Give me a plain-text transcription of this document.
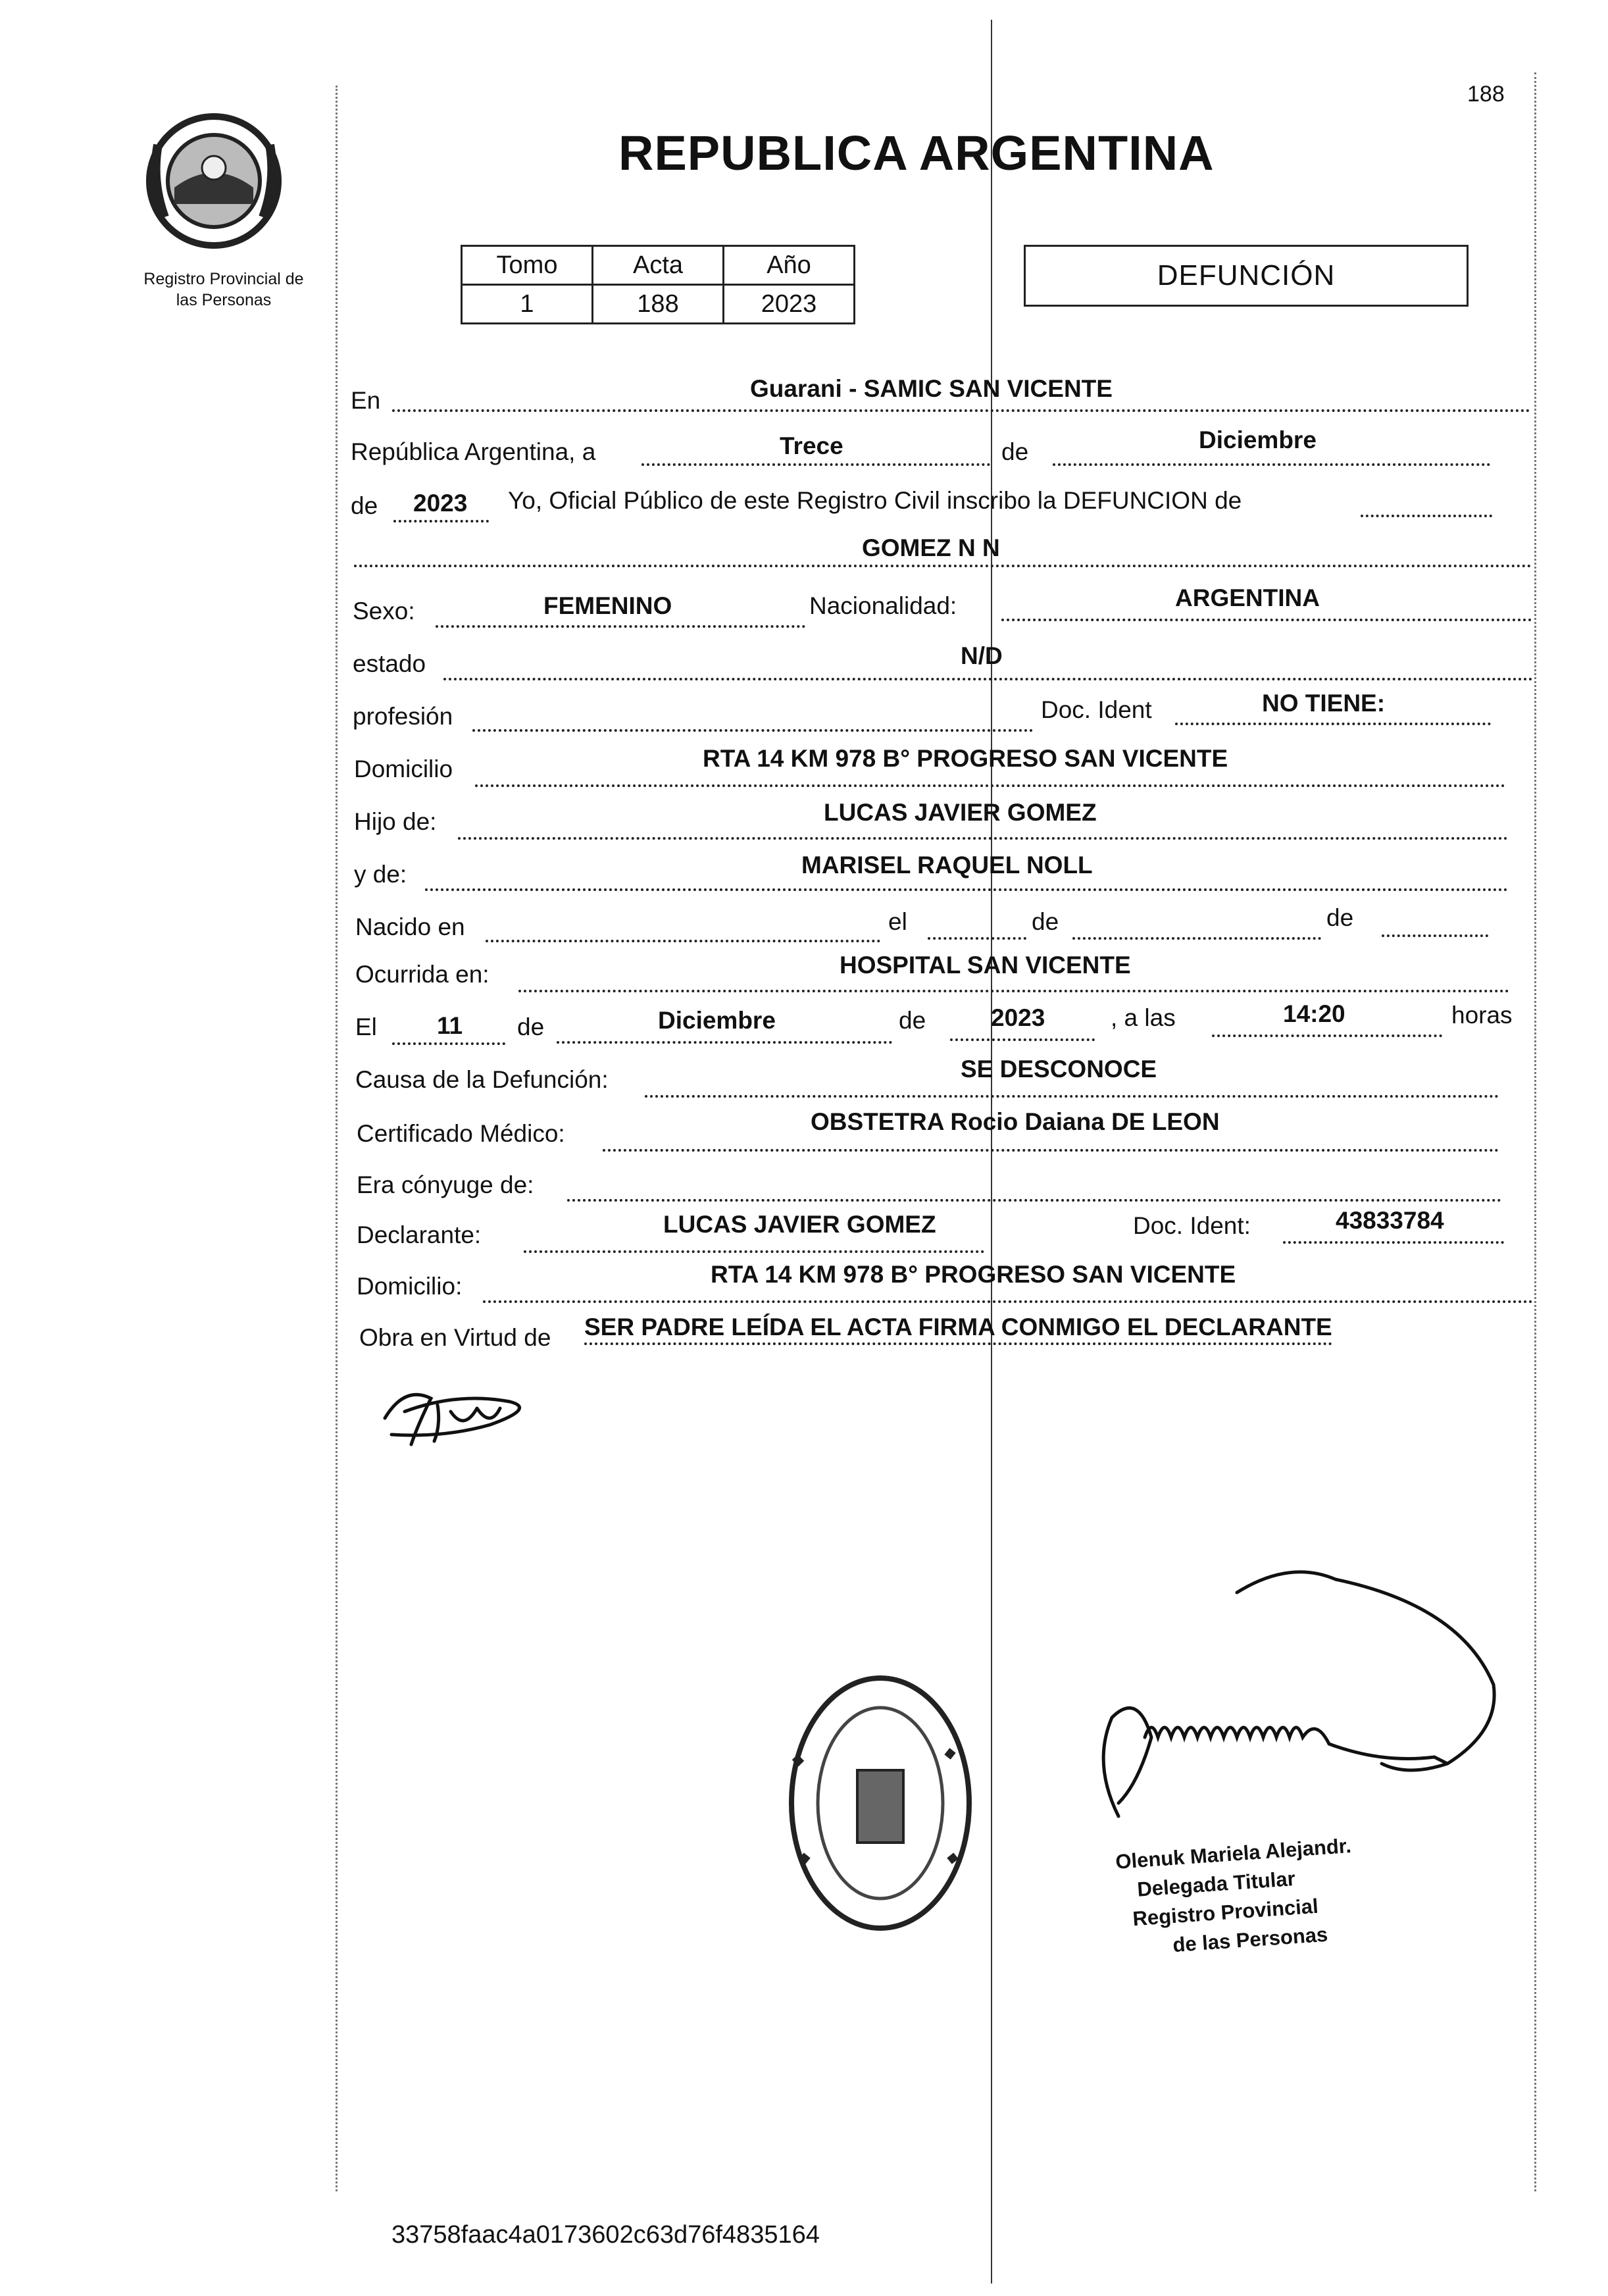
Registro Provincial de
las Personas
188
REPUBLICA ARGENTINA
Tomo	Acta	Año
1	188	2023
DEFUNCIÓN
En	Guarani - SAMIC SAN VICENTE
República Argentina, a	Trece	de	Diciembre
de 2023 Yo, Oficial Público de este Registro Civil inscribo la DEFUNCION de
GOMEZ N N
Sexo:	FEMENINO	Nacionalidad:	ARGENTINA
estado	N/D
profesión	Doc. Ident	NO TIENE:
Domicilio	RTA 14 KM 978 B° PROGRESO SAN VICENTE
Hijo de:	LUCAS JAVIER GOMEZ
y de:	MARISEL RAQUEL NOLL
Nacido en	el	de	de
Ocurrida en:	HOSPITAL SAN VICENTE
El 11 de	Diciembre	de	2023	, a las	14:20	horas
Causa de la Defunción:	SE DESCONOCE
Certificado Médico:	OBSTETRA Rocio Daiana DE LEON
Era cónyuge de:
Declarante:	LUCAS JAVIER GOMEZ	Doc. Ident:	43833784
Domicilio:	RTA 14 KM 978 B° PROGRESO SAN VICENTE
Obra en Virtud de SER PADRE LEÍDA EL ACTA FIRMA CONMIGO EL DECLARANTE
Olenuk Mariela Alejandr.
Delegada Titular
Registro Provincial
de las Personas
33758faac4a0173602c63d76f4835164
